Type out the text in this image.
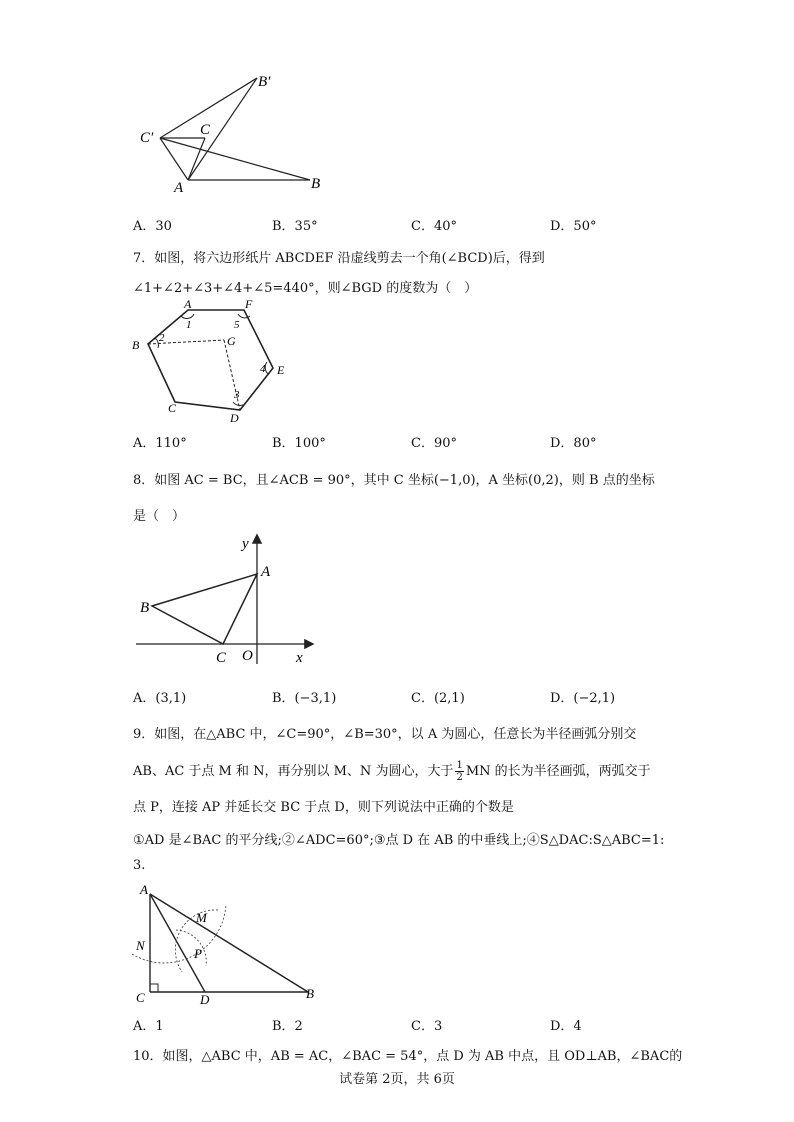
B′
C′	C
A	B
A．30	B．35°	C．40°	D．50°
7．如图，将六边形纸片 ABCDEF 沿虚线剪去一个角(∠BCD)后，得到
∠1+∠2+∠3+∠4+∠5=440°，则∠BGD 的度数为（　）
A	F
B	G
E
C
D
1	5
2
4
3
A．110°	B．100°	C．90°	D．80°
8．如图 AC = BC，且∠ACB = 90°，其中 C 坐标(−1,0)，A 坐标(0,2)，则 B 点的坐标
是（　）
y
A
B
C O	x
A．(3,1)	B．(−3,1)	C．(2,1)	D．(−2,1)
9．如图，在△ABC 中，∠C=90°，∠B=30°，以 A 为圆心，任意长为半径画弧分别交
AB、AC 于点 M 和 N，再分别以 M、N 为圆心，大于 $\frac{1}{2}$ MN 的长为半径画弧，两弧交于
点 P，连接 AP 并延长交 BC 于点 D，则下列说法中正确的个数是
①AD 是∠BAC 的平分线;②∠ADC=60°;③点 D 在 AB 的中垂线上;④S△DAC:S△ABC=1:
3.
A
M
N
P
C	D	B
A．1	B．2	C．3	D．4
10．如图，△ABC 中，AB = AC，∠BAC = 54°，点 D 为 AB 中点，且 OD⊥AB，∠BAC的
试卷第 2页，共 6页
